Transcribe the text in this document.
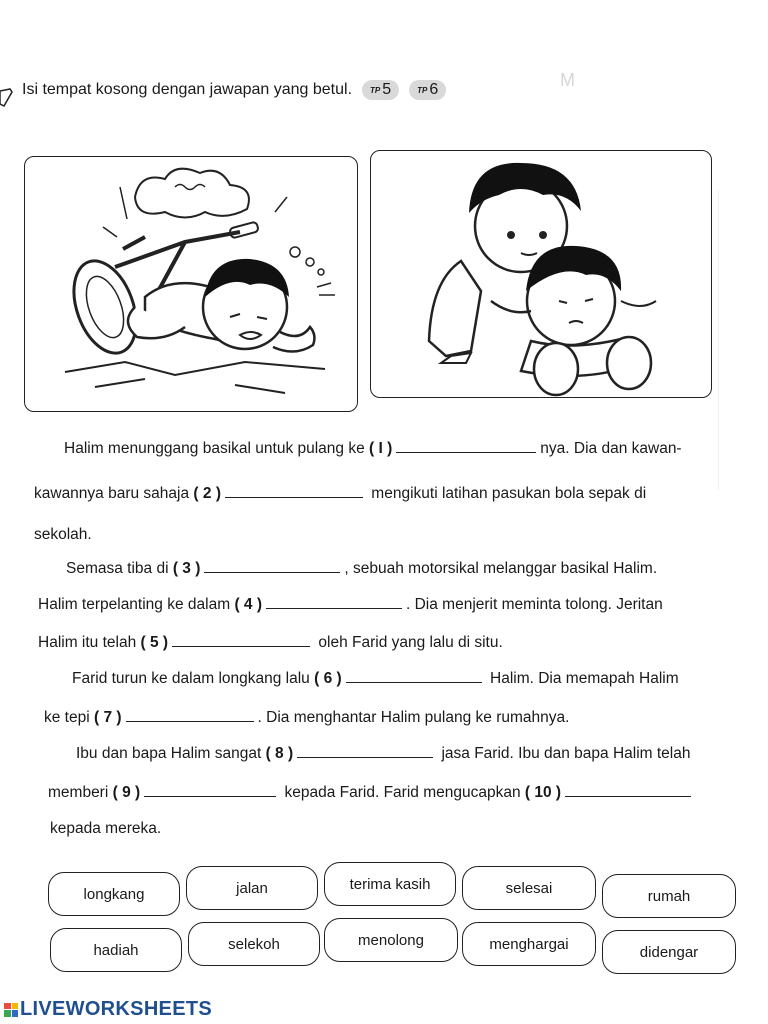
Isi tempat kosong dengan jawapan yang betul. TP 5	TP 6	M
Halim menunggang basikal untuk pulang ke ( I )	nya. Dia dan kawan-
kawannya baru sahaja ( 2 )	mengikuti latihan pasukan bola sepak di
sekolah.
Semasa tiba di ( 3 )	, sebuah motorsikal melanggar basikal Halim.
Halim terpelanting ke dalam ( 4 )	. Dia menjerit meminta tolong. Jeritan
Halim itu telah ( 5 )	oleh Farid yang lalu di situ.
Farid turun ke dalam longkang lalu ( 6 )	Halim. Dia memapah Halim
ke tepi ( 7 )	. Dia menghantar Halim pulang ke rumahnya.
Ibu dan bapa Halim sangat ( 8 )	jasa Farid. Ibu dan bapa Halim telah
memberi ( 9 )	kepada Farid. Farid mengucapkan ( 10 )
kepada mereka.
longkang	jalan	terima kasih	selesai	rumah
hadiah	selekoh	menolong	menghargai	didengar
LIVEWORKSHEETS
